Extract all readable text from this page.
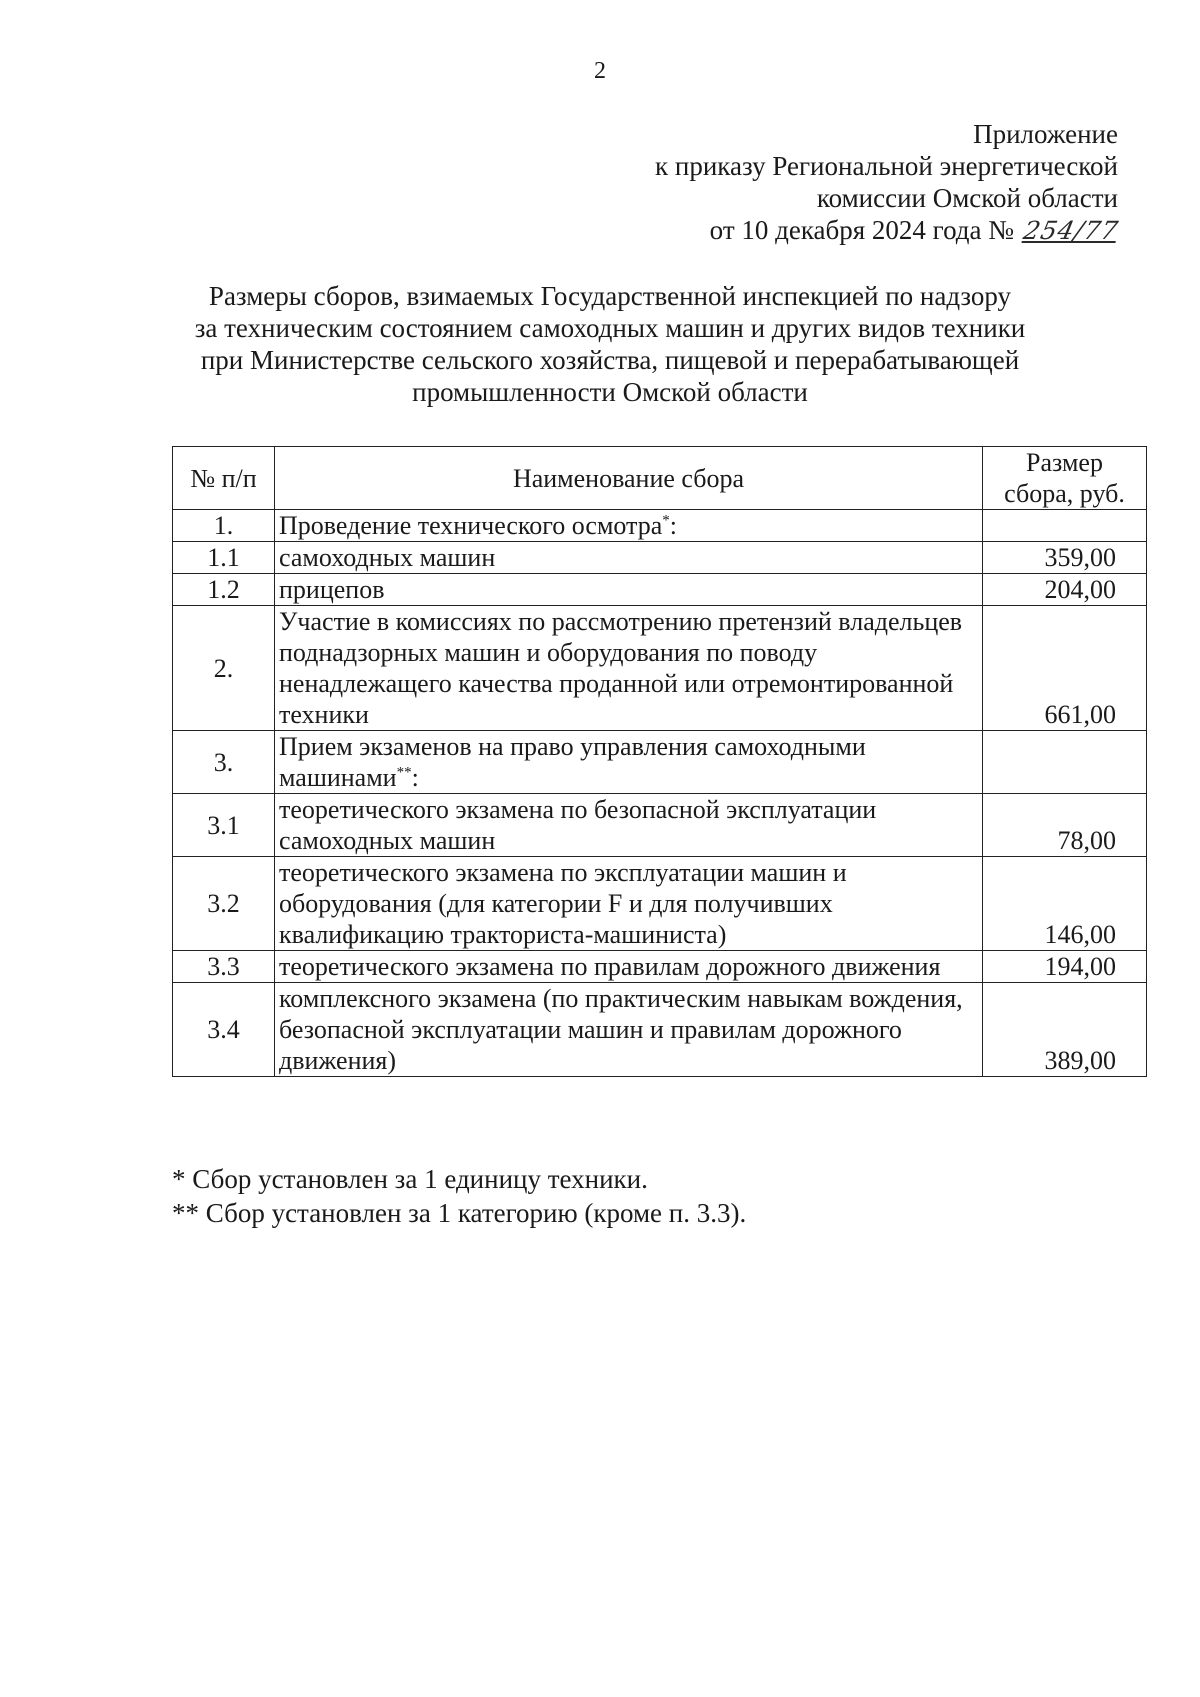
2
Приложение
к приказу Региональной энергетической
комиссии Омской области
от 10 декабря 2024 года № 254/77
Размеры сборов, взимаемых Государственной инспекцией по надзору
за техническим состоянием самоходных машин и других видов техники
при Министерстве сельского хозяйства, пищевой и перерабатывающей
промышленности Омской области
№ п/п	Наименование сбора	Размер
сбора, руб.

1.	Проведение технического осмотра*:	
1.1	самоходных машин	359,00
1.2	прицепов	204,00
2.	Участие в комиссиях по рассмотрению претензий владельцев поднадзорных машин и оборудования по поводу ненадлежащего качества проданной или отремонтированной техники	661,00
3.	Прием экзаменов на право управления самоходными машинами**:	
3.1	теоретического экзамена по безопасной эксплуатации самоходных машин	78,00
3.2	теоретического экзамена по эксплуатации машин и оборудования (для категории F и для получивших квалификацию тракториста-машиниста)	146,00
3.3	теоретического экзамена по правилам дорожного движения	194,00
3.4	комплексного экзамена (по практическим навыкам вождения, безопасной эксплуатации машин и правилам дорожного движения)	389,00
* Сбор установлен за 1 единицу техники.
** Сбор установлен за 1 категорию (кроме п. 3.3).
